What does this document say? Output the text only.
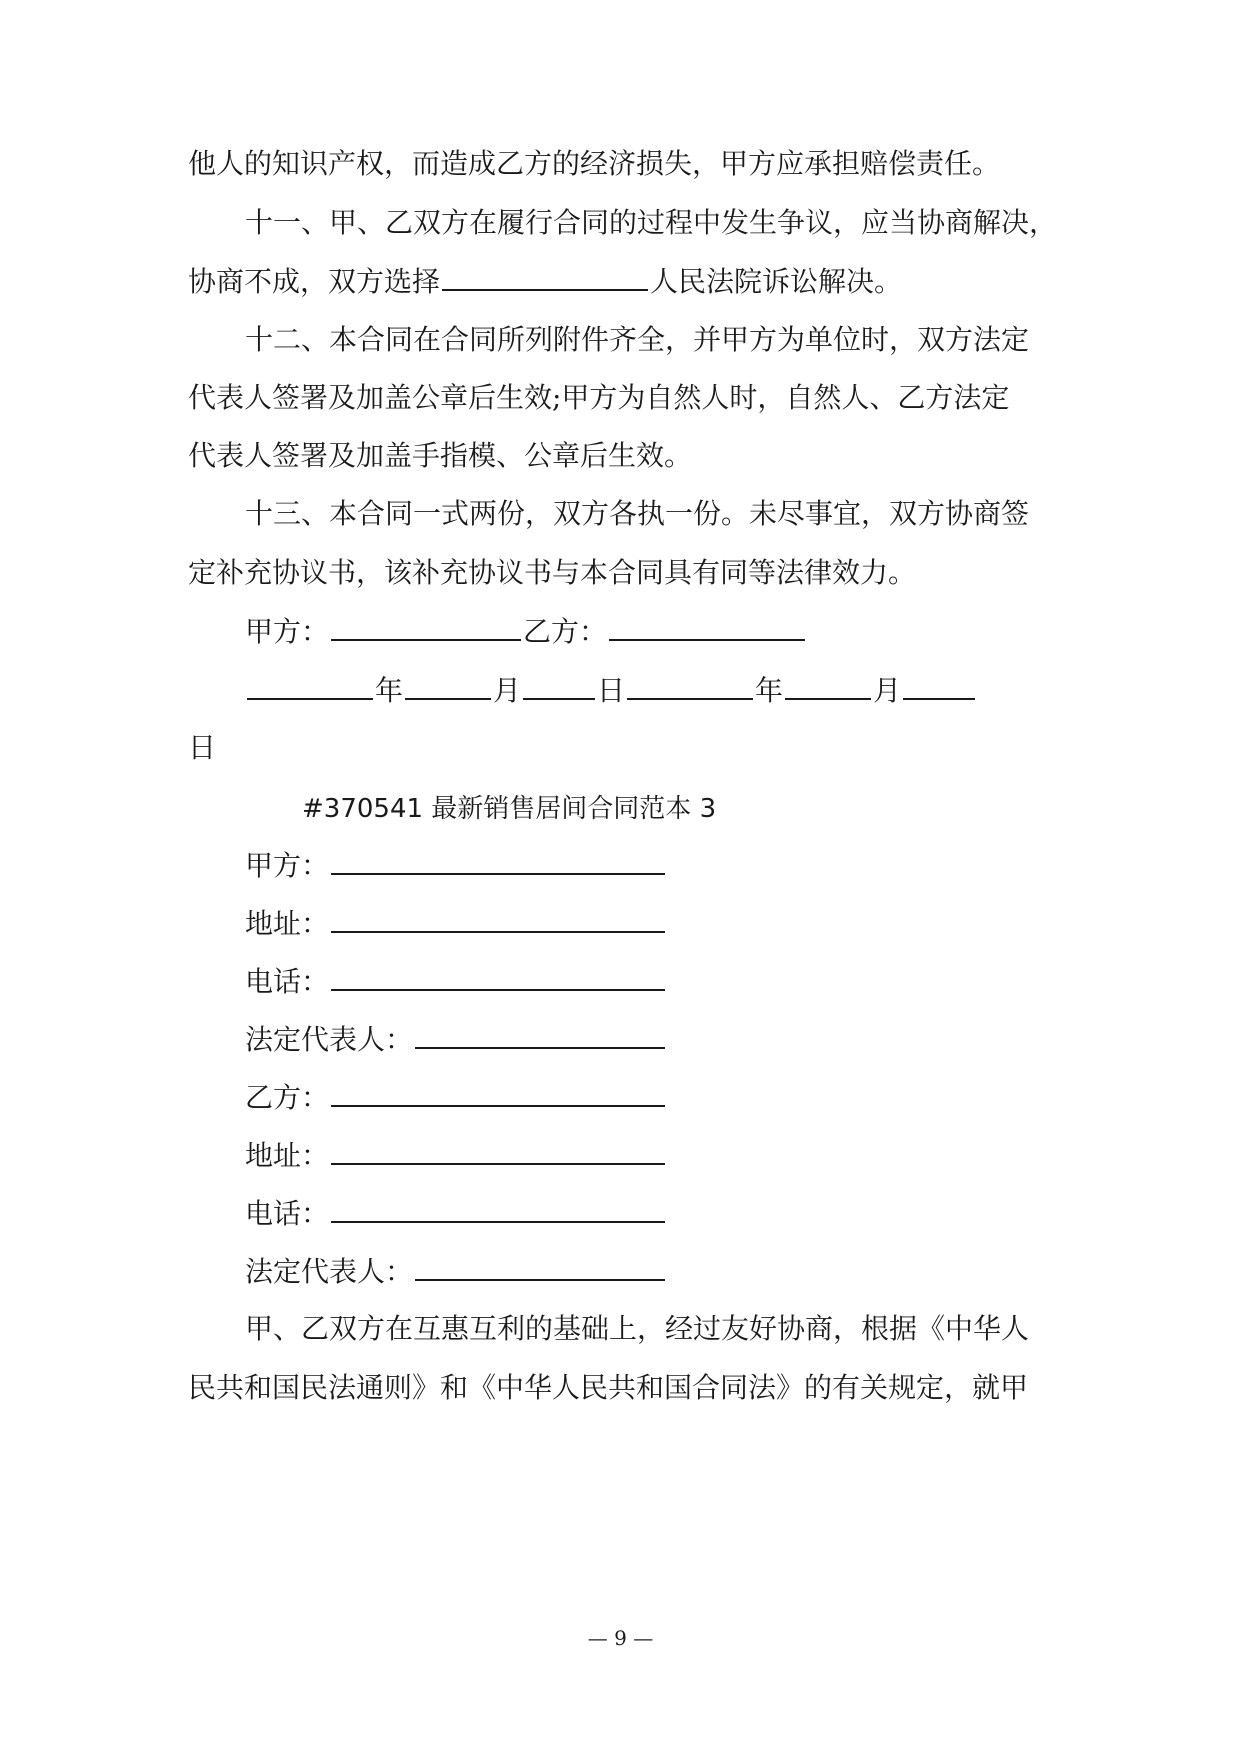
他人的知识产权，而造成乙方的经济损失，甲方应承担赔偿责任。
十一、甲、乙双方在履行合同的过程中发生争议，应当协商解决，
协商不成，双方选择	人民法院诉讼解决。
十二、本合同在合同所列附件齐全，并甲方为单位时，双方法定
代表人签署及加盖公章后生效;甲方为自然人时，自然人、乙方法定
代表人签署及加盖手指模、公章后生效。
十三、本合同一式两份，双方各执一份。未尽事宜，双方协商签
定补充协议书，该补充协议书与本合同具有同等法律效力。
甲方：	乙方：
年	月	日	年	月
日
#370541 最新销售居间合同范本 3
甲方：
地址：
电话：
法定代表人：
乙方：
地址：
电话：
法定代表人：
甲、乙双方在互惠互利的基础上，经过友好协商，根据《中华人
民共和国民法通则》和《中华人民共和国合同法》的有关规定，就甲
— 9 —
